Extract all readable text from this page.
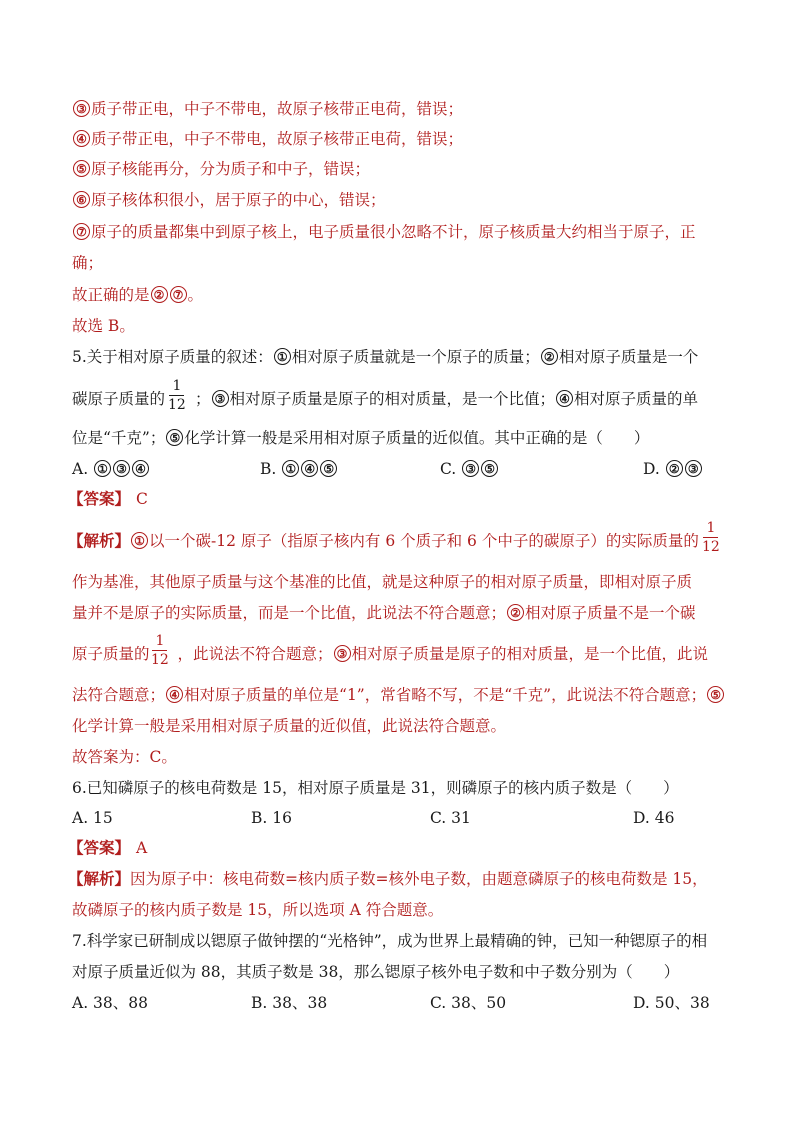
③ 质子带正电，中子不带电，故原子核带正电荷，错误；
④ 质子带正电，中子不带电，故原子核带正电荷，错误；
⑤ 原子核能再分，分为质子和中子，错误；
⑥ 原子核体积很小，居于原子的中心，错误；
⑦ 原子的质量都集中到原子核上，电子质量很小忽略不计，原子核质量大约相当于原子，正
确；
故正确的是 ② ⑦ 。
故选 B。
5.关于相对原子质量的叙述： ① 相对原子质量就是一个原子的质量； ② 相对原子质量是一个
碳原子质量的 ； ③ 相对原子质量是原子的相对质量，是一个比值； ④ 相对原子质量的单
1
12
位是“千克”； ⑤ 化学计算一般是采用相对原子质量的近似值。其中正确的是（　　）
A. ① ③ ④	B. ① ④ ⑤	C. ③ ⑤	D. ② ③
【答案】 C
【解析】 ① 以一个碳-12 原子（指原子核内有 6 个质子和 6 个中子的碳原子）的实际质量的
1
12
作为基准，其他原子质量与这个基准的比值，就是这种原子的相对原子质量，即相对原子质
量并不是原子的实际质量，而是一个比值，此说法不符合题意； ② 相对原子质量不是一个碳
原子质量的 ，此说法不符合题意； ③ 相对原子质量是原子的相对质量，是一个比值，此说
1
12
法符合题意； ④ 相对原子质量的单位是“1”，常省略不写，不是“千克”，此说法不符合题意； ⑤
化学计算一般是采用相对原子质量的近似值，此说法符合题意。
故答案为：C。
6.已知磷原子的核电荷数是 15，相对原子质量是 31，则磷原子的核内质子数是（　　）
A. 15	B. 16	C. 31	D. 46
【答案】 A
【解析】因为原子中：核电荷数=核内质子数=核外电子数，由题意磷原子的核电荷数是 15，
故磷原子的核内质子数是 15，所以选项 A 符合题意。
7.科学家已研制成以锶原子做钟摆的“光格钟”，成为世界上最精确的钟，已知一种锶原子的相
对原子质量近似为 88，其质子数是 38，那么锶原子核外电子数和中子数分别为（　　）
A. 38、88	B. 38、38	C. 38、50	D. 50、38
